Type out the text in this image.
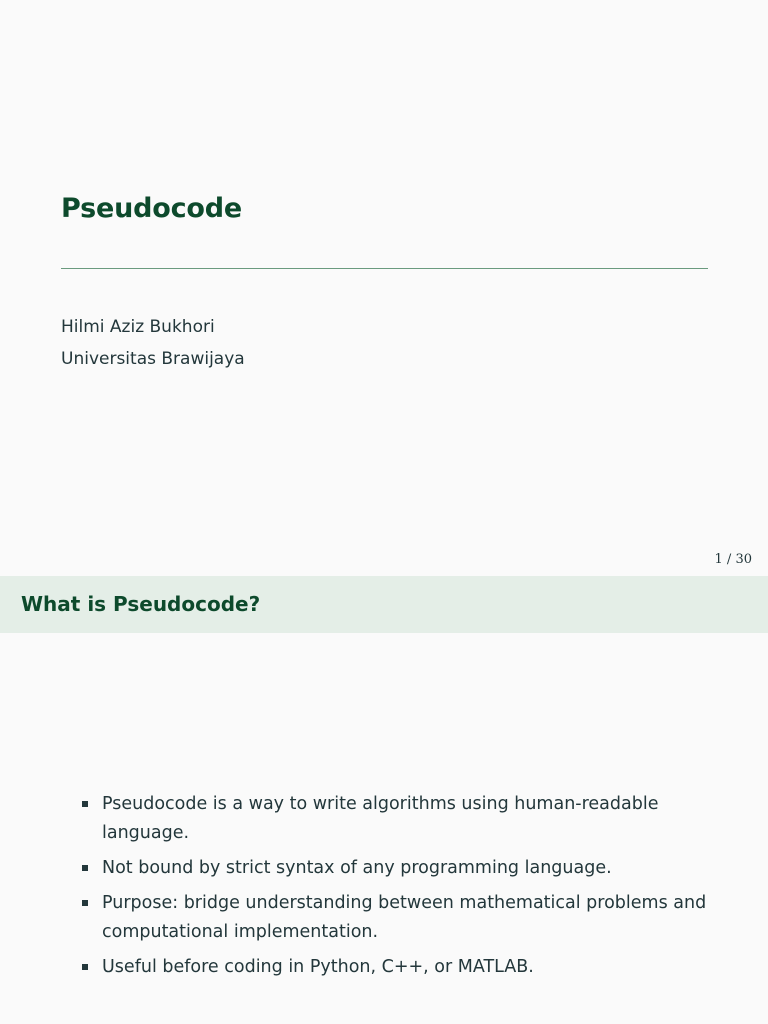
Pseudocode
Hilmi Aziz Bukhori
Universitas Brawijaya
1 / 30
What is Pseudocode?
Pseudocode is a way to write algorithms using human-readable language.
Not bound by strict syntax of any programming language.
Purpose: bridge understanding between mathematical problems and computational implementation.
Useful before coding in Python, C++, or MATLAB.
